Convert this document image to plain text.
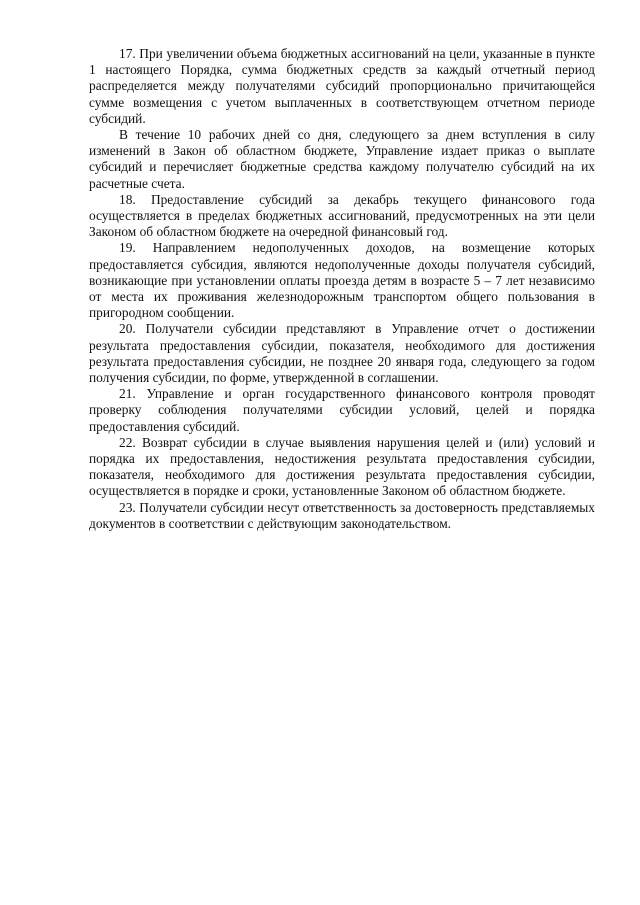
17. При увеличении объема бюджетных ассигнований на цели, указанные в пункте 1 настоящего Порядка, сумма бюджетных средств за каждый отчетный период распределяется между получателями субсидий пропорционально причитающейся сумме возмещения с учетом выплаченных в соответствующем отчетном периоде субсидий.

В течение 10 рабочих дней со дня, следующего за днем вступления в силу изменений в Закон об областном бюджете, Управление издает приказ о выплате субсидий и перечисляет бюджетные средства каждому получателю субсидий на их расчетные счета.

18. Предоставление субсидий за декабрь текущего финансового года осуществляется в пределах бюджетных ассигнований, предусмотренных на эти цели Законом об областном бюджете на очередной финансовый год.

19. Направлением недополученных доходов, на возмещение которых предоставляется субсидия, являются недополученные доходы получателя субсидий, возникающие при установлении оплаты проезда детям в возрасте 5 – 7 лет независимо от места их проживания железнодорожным транспортом общего пользования в пригородном сообщении.

20. Получатели субсидии представляют в Управление отчет о достижении результата предоставления субсидии, показателя, необходимого для достижения результата предоставления субсидии, не позднее 20 января года, следующего за годом получения субсидии, по форме, утвержденной в соглашении.

21. Управление и орган государственного финансового контроля проводят проверку соблюдения получателями субсидии условий, целей и порядка предоставления субсидий.

22. Возврат субсидии в случае выявления нарушения целей и (или) условий и порядка их предоставления, недостижения результата предоставления субсидии, показателя, необходимого для достижения результата предоставления субсидии, осуществляется в порядке и сроки, установленные Законом об областном бюджете.

23. Получатели субсидии несут ответственность за достоверность представляемых документов в соответствии с действующим законодательством.
